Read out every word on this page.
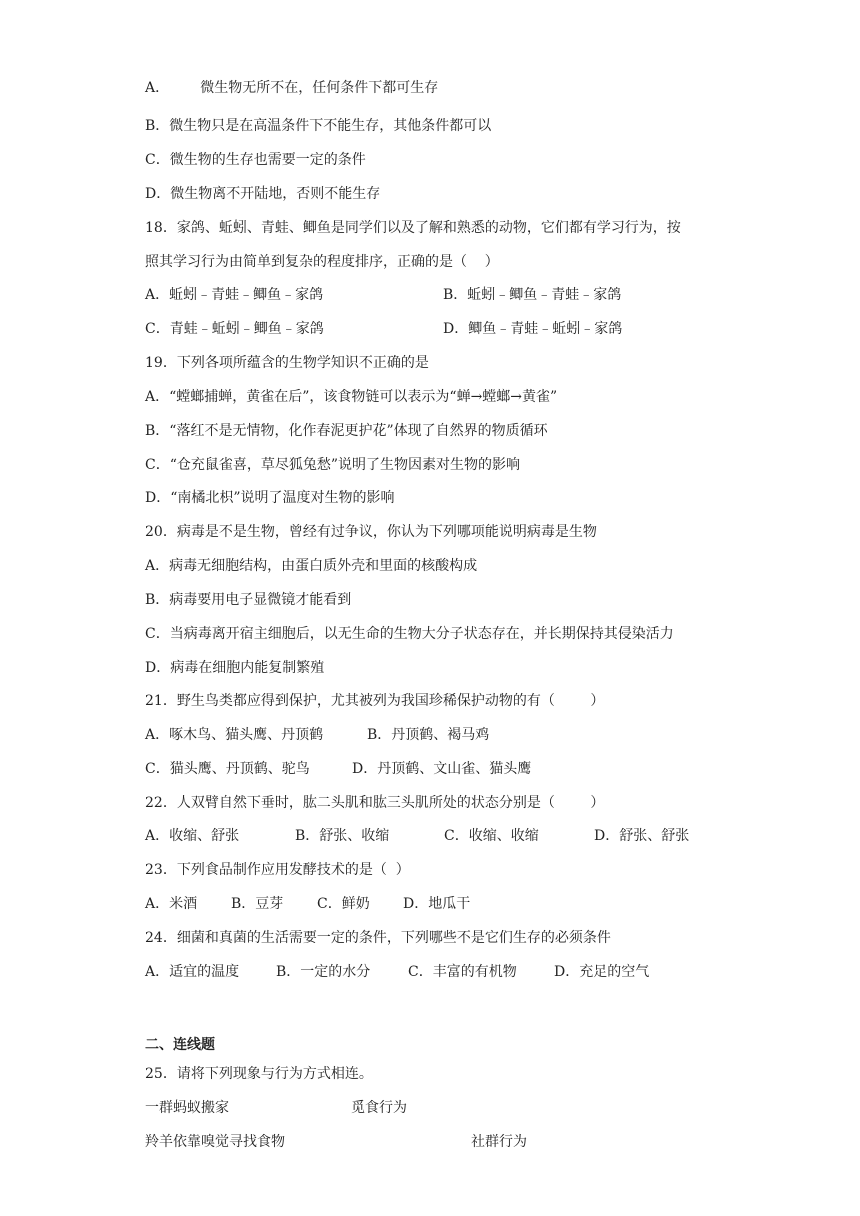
A．       微生物无所不在，任何条件下都可生存
B．微生物只是在高温条件下不能生存，其他条件都可以
C．微生物的生存也需要一定的条件
D．微生物离不开陆地，否则不能生存
18．家鸽、蚯蚓、青蛙、鲫鱼是同学们以及了解和熟悉的动物，它们都有学习行为，按
照其学习行为由简单到复杂的程度排序，正确的是（    ）
A．蚯蚓﹣青蛙﹣鲫鱼﹣家鸽	B．蚯蚓﹣鲫鱼﹣青蛙﹣家鸽
C．青蛙﹣蚯蚓﹣鲫鱼﹣家鸽	D．鲫鱼﹣青蛙﹣蚯蚓﹣家鸽
19．下列各项所蕴含的生物学知识不正确的是
A．“螳螂捕蝉，黄雀在后”，该食物链可以表示为“蝉→螳螂→黄雀”
B．“落红不是无情物，化作春泥更护花”体现了自然界的物质循环
C．“仓充鼠雀喜，草尽狐兔愁”说明了生物因素对生物的影响
D．“南橘北枳”说明了温度对生物的影响
20．病毒是不是生物，曾经有过争议，你认为下列哪项能说明病毒是生物
A．病毒无细胞结构，由蛋白质外壳和里面的核酸构成
B．病毒要用电子显微镜才能看到
C．当病毒离开宿主细胞后，以无生命的生物大分子状态存在，并长期保持其侵染活力
D．病毒在细胞内能复制繁殖
21．野生鸟类都应得到保护，尤其被列为我国珍稀保护动物的有（        ）
A．啄木鸟、猫头鹰、丹顶鹤	B．丹顶鹤、褐马鸡
C．猫头鹰、丹顶鹤、驼鸟	D．丹顶鹤、文山雀、猫头鹰
22．人双臂自然下垂时，肱二头肌和肱三头肌所处的状态分别是（        ）
A．收缩、舒张	B．舒张、收缩	C．收缩、收缩	D．舒张、舒张
23．下列食品制作应用发酵技术的是（  ）
A．米酒 B．豆芽 C．鲜奶 D．地瓜干
24．细菌和真菌的生活需要一定的条件，下列哪些不是它们生存的必须条件
A．适宜的温度	B．一定的水分	C．丰富的有机物	D．充足的空气
二、连线题
25．请将下列现象与行为方式相连。
一群蚂蚁搬家	觅食行为
羚羊依靠嗅觉寻找食物	社群行为
